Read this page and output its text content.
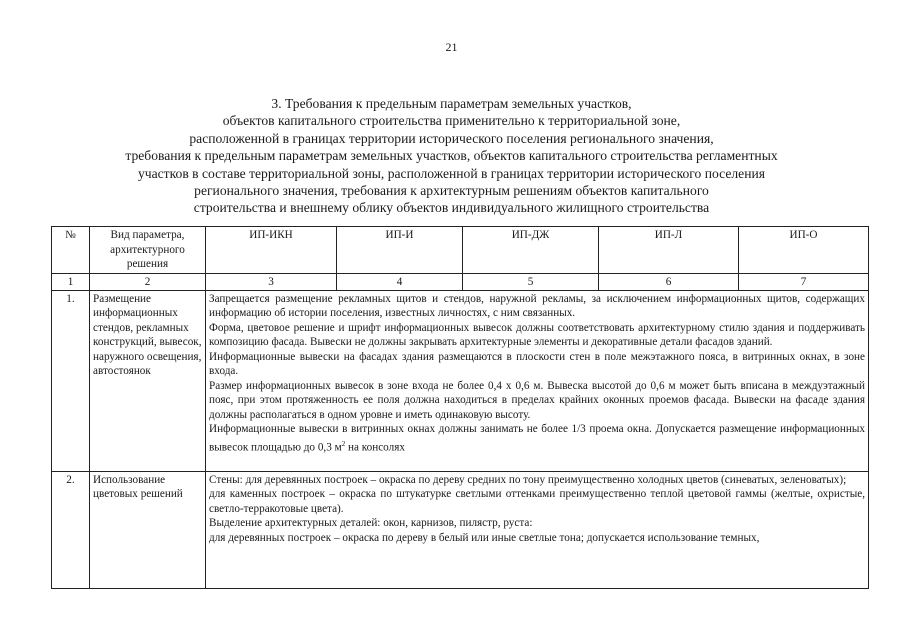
21
3. Требования к предельным параметрам земельных участков,
объектов капитального строительства применительно к территориальной зоне,
расположенной в границах территории исторического поселения регионального значения,
требования к предельным параметрам земельных участков, объектов капитального строительства регламентных
участков в составе территориальной зоны, расположенной в границах территории исторического поселения
регионального значения, требования к архитектурным решениям объектов капитального
строительства и внешнему облику объектов индивидуального жилищного строительства
№	Вид параметра, архитектурного решения	ИП-ИКН	ИП-И	ИП-ДЖ	ИП-Л	ИП-О
1	2	3	4	5	6	7
1.	Размещение информационных стендов, рекламных конструкций, вывесок, наружного освещения, автостоянок	Запрещается размещение рекламных щитов и стендов, наружной рекламы, за исключением информационных щитов, содержащих информацию об истории поселения, известных личностях, с ним связанных.

Форма, цветовое решение и шрифт информационных вывесок должны соответствовать архитектурному стилю здания и поддерживать композицию фасада. Вывески не должны закрывать архитектурные элементы и декоративные детали фасадов зданий.

Информационные вывески на фасадах здания размещаются в плоскости стен в поле межэтажного пояса, в витринных окнах, в зоне входа.

Размер информационных вывесок в зоне входа не более 0,4 х 0,6 м. Вывеска высотой до 0,6 м может быть вписана в междуэтажный пояс, при этом протяженность ее поля должна находиться в пределах крайних оконных проемов фасада. Вывески на фасаде здания должны располагаться в одном уровне и иметь одинаковую высоту.

Информационные вывески в витринных окнах должны занимать не более 1/3 проема окна. Допускается размещение информационных вывесок площадью до 0,3 $м^2$ на консолях				

2.	Использование цветовых решений	Стены: для деревянных построек – окраска по дереву средних по тону преимущественно холодных цветов (синеватых, зеленоватых);

для каменных построек – окраска по штукатурке светлыми оттенками преимущественно теплой цветовой гаммы (желтые, охристые, светло-терракотовые цвета).

Выделение архитектурных деталей: окон, карнизов, пилястр, руста:

для деревянных построек – окраска по дереву в белый или иные светлые тона; допускается использование темных,				
